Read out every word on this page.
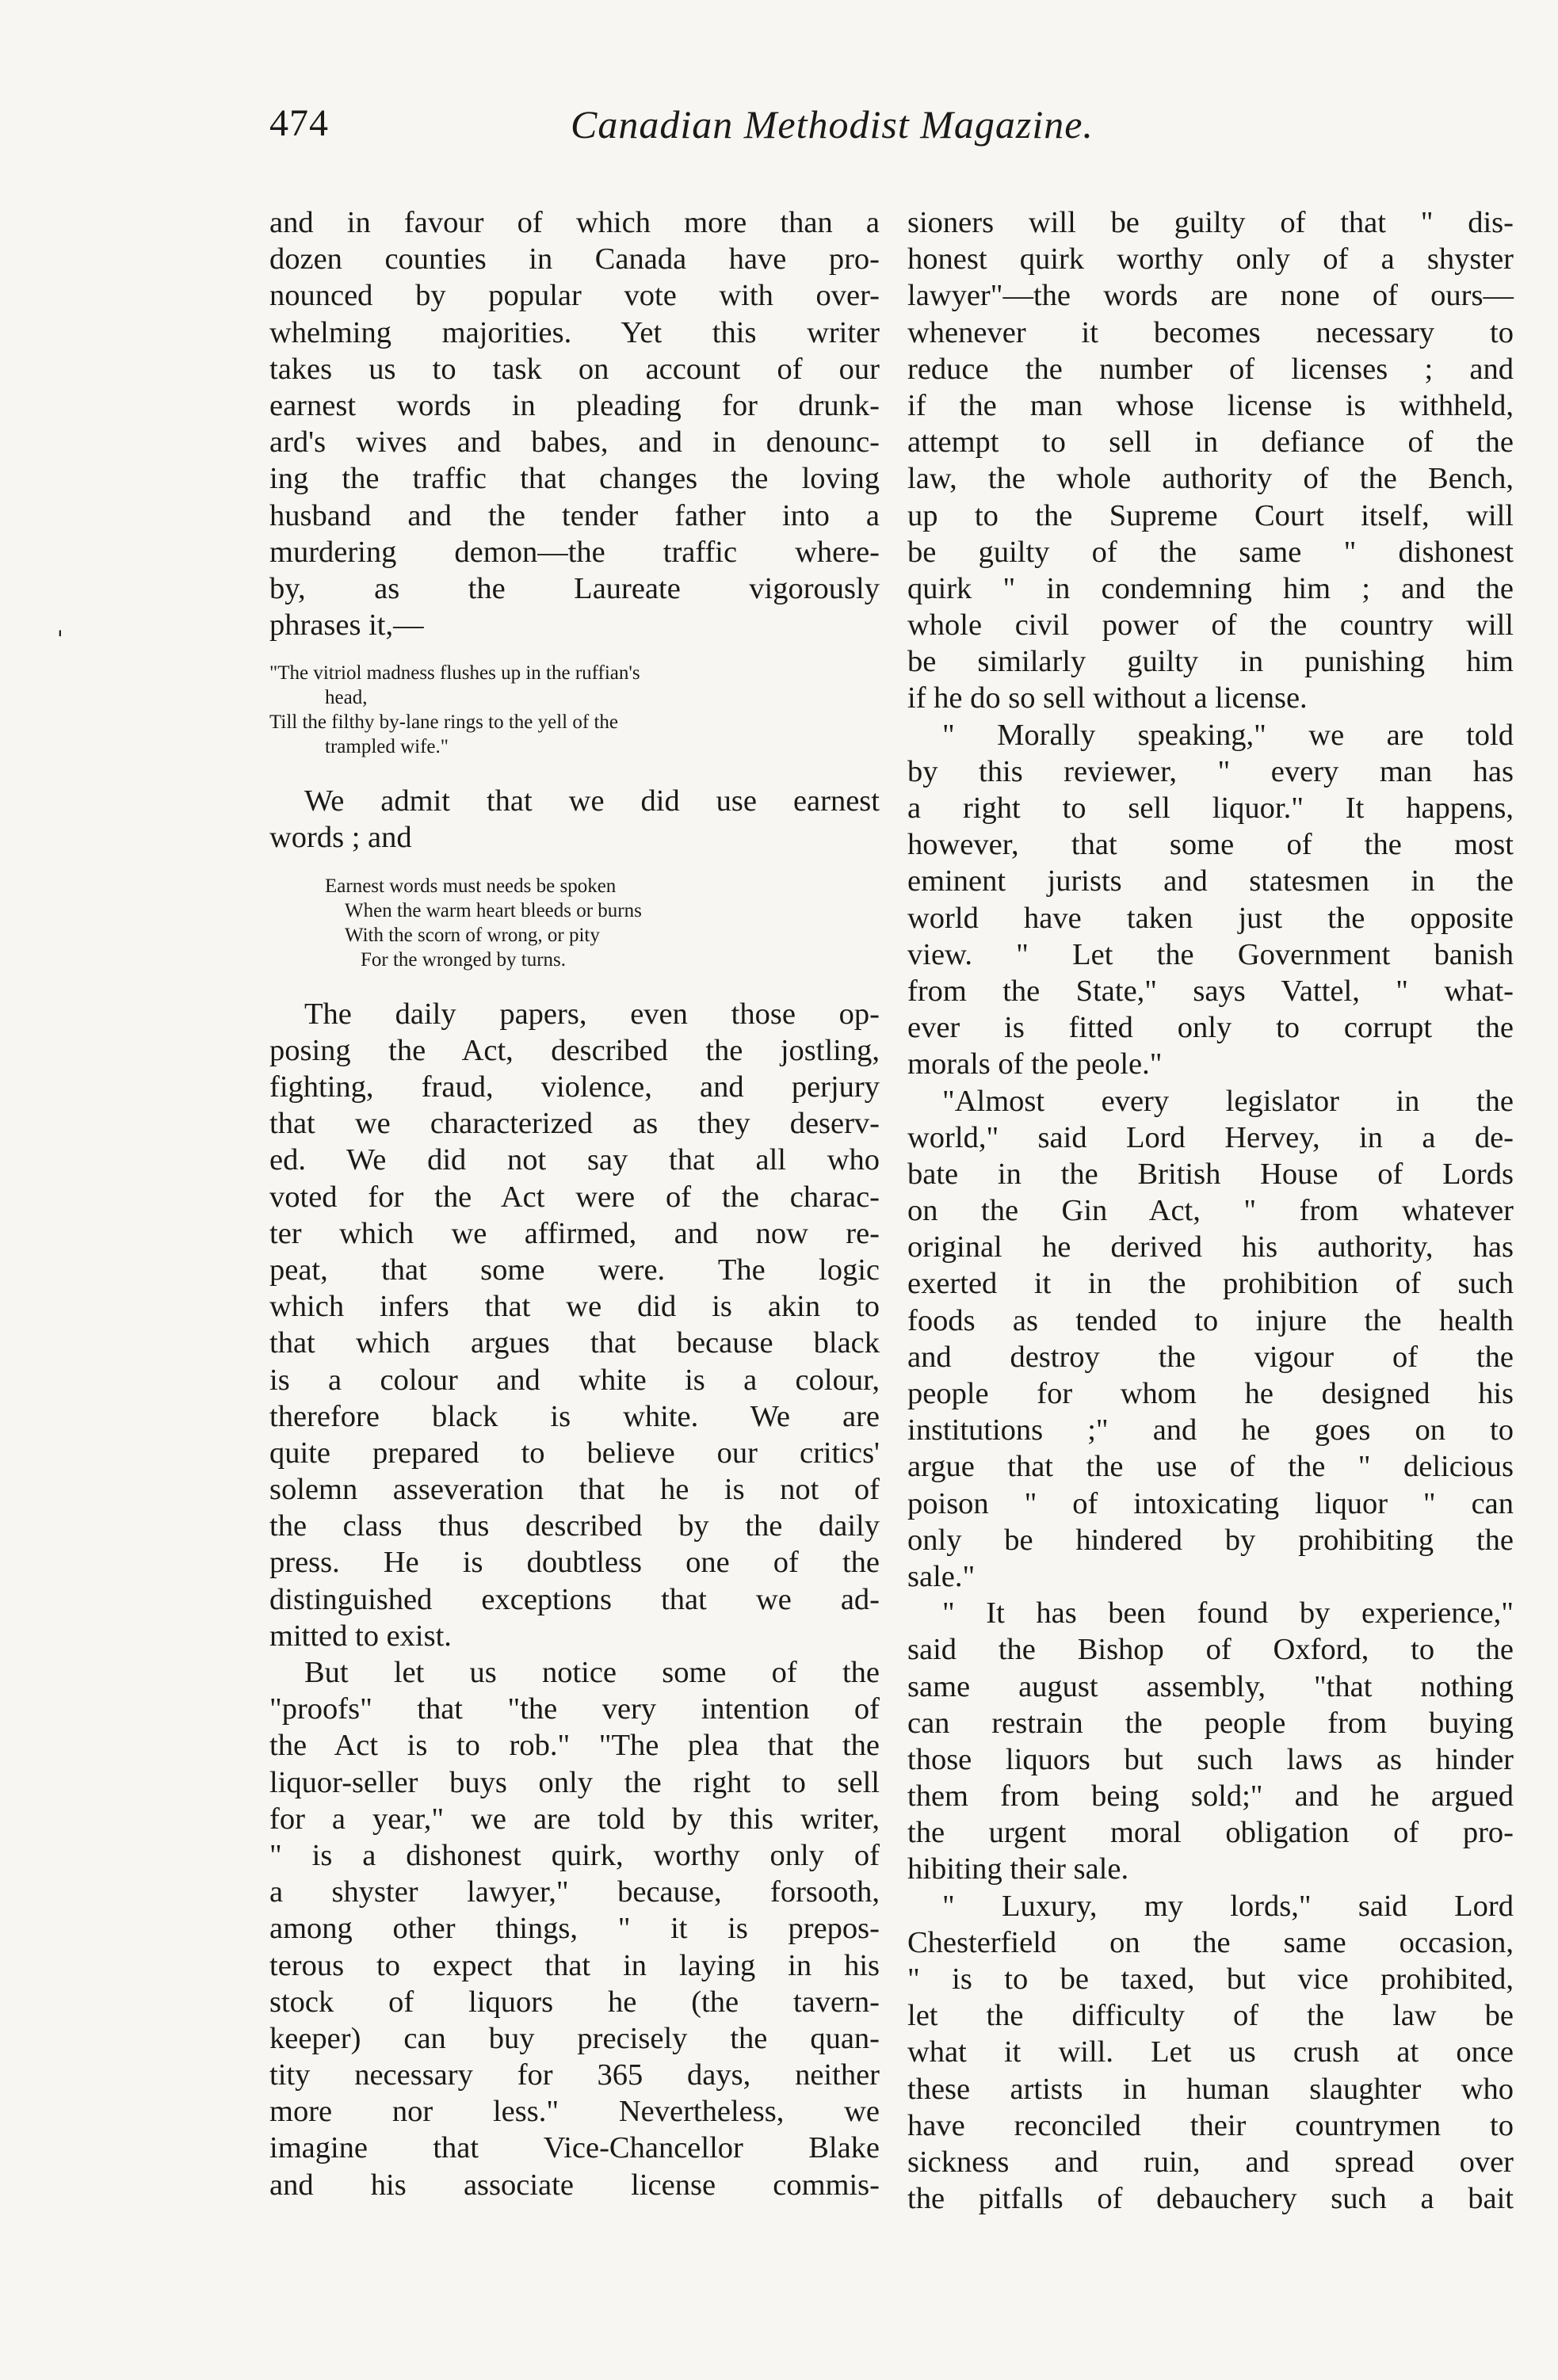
474	Canadian Methodist Magazine.
'
and in favour of which more than a
dozen counties in Canada have pro-
nounced by popular vote with over-
whelming majorities. Yet this writer
takes us to task on account of our
earnest words in pleading for drunk-
ard's wives and babes, and in denounc-
ing the traffic that changes the loving
husband and the tender father into a
murdering demon—the traffic where-
by, as the Laureate vigorously
phrases it,—
"The vitriol madness flushes up in the ruffian's
head,
Till the filthy by-lane rings to the yell of the
trampled wife."
We admit that we did use earnest
words ; and
Earnest words must needs be spoken
When the warm heart bleeds or burns
With the scorn of wrong, or pity
For the wronged by turns.
The daily papers, even those op-
posing the Act, described the jostling,
fighting, fraud, violence, and perjury
that we characterized as they deserv-
ed. We did not say that all who
voted for the Act were of the charac-
ter which we affirmed, and now re-
peat, that some were. The logic
which infers that we did is akin to
that which argues that because black
is a colour and white is a colour,
therefore black is white. We are
quite prepared to believe our critics'
solemn asseveration that he is not of
the class thus described by the daily
press. He is doubtless one of the
distinguished exceptions that we ad-
mitted to exist.
But let us notice some of the
"proofs" that "the very intention of
the Act is to rob." "The plea that the
liquor-seller buys only the right to sell
for a year," we are told by this writer,
" is a dishonest quirk, worthy only of
a shyster lawyer," because, forsooth,
among other things, " it is prepos-
terous to expect that in laying in his
stock of liquors he (the tavern-
keeper) can buy precisely the quan-
tity necessary for 365 days, neither
more nor less." Nevertheless, we
imagine that Vice-Chancellor Blake
and his associate license commis-
sioners will be guilty of that " dis-
honest quirk worthy only of a shyster
lawyer"—the words are none of ours—
whenever it becomes necessary to
reduce the number of licenses ; and
if the man whose license is withheld,
attempt to sell in defiance of the
law, the whole authority of the Bench,
up to the Supreme Court itself, will
be guilty of the same " dishonest
quirk " in condemning him ; and the
whole civil power of the country will
be similarly guilty in punishing him
if he do so sell without a license.
" Morally speaking," we are told
by this reviewer, " every man has
a right to sell liquor." It happens,
however, that some of the most
eminent jurists and statesmen in the
world have taken just the opposite
view. " Let the Government banish
from the State," says Vattel, " what-
ever is fitted only to corrupt the
morals of the peole."
"Almost every legislator in the
world," said Lord Hervey, in a de-
bate in the British House of Lords
on the Gin Act, " from whatever
original he derived his authority, has
exerted it in the prohibition of such
foods as tended to injure the health
and destroy the vigour of the
people for whom he designed his
institutions ;" and he goes on to
argue that the use of the " delicious
poison " of intoxicating liquor " can
only be hindered by prohibiting the
sale."
" It has been found by experience,"
said the Bishop of Oxford, to the
same august assembly, "that nothing
can restrain the people from buying
those liquors but such laws as hinder
them from being sold;" and he argued
the urgent moral obligation of pro-
hibiting their sale.
" Luxury, my lords," said Lord
Chesterfield on the same occasion,
" is to be taxed, but vice prohibited,
let the difficulty of the law be
what it will. Let us crush at once
these artists in human slaughter who
have reconciled their countrymen to
sickness and ruin, and spread over
the pitfalls of debauchery such a bait
